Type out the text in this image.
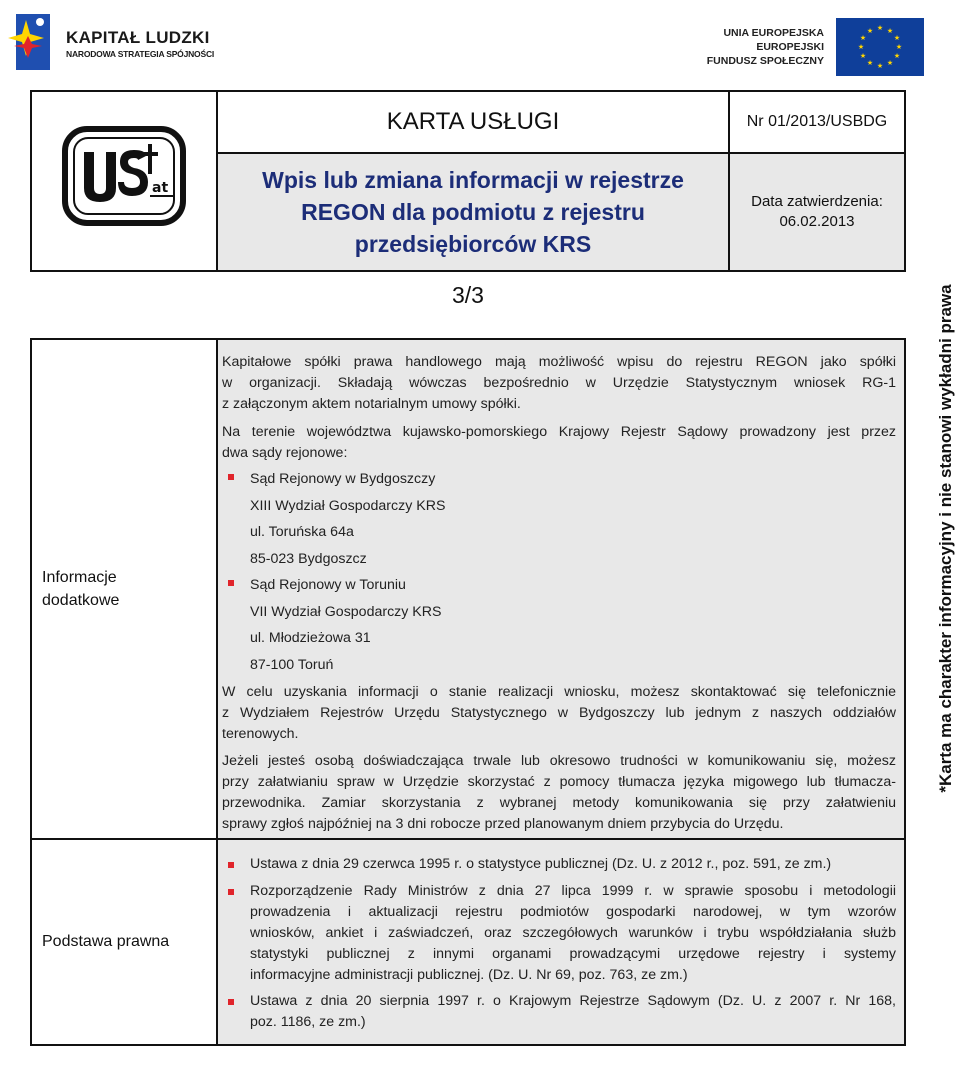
KAPITAŁ LUDZKI
NARODOWA STRATEGIA SPÓJNOŚCI
UNIA EUROPEJSKA
EUROPEJSKI
FUNDUSZ SPOŁECZNY
★ ★
★
★
★
★
★
★
★
★
★
★
at
KARTA USŁUGI	Nr 01/2013/USBDG
Wpis lub zmiana informacji w rejestrze
REGON dla podmiotu z rejestru
przedsiębiorców KRS
Data zatwierdzenia:
06.02.2013
3/3
Informacje
dodatkowe
Podstawa prawna
Kapitałowe spółki prawa handlowego mają możliwość wpisu do rejestru REGON jako spółki
w organizacji. Składają wówczas bezpośrednio w Urzędzie Statystycznym wniosek RG-1
z załączonym aktem notarialnym umowy spółki.
Na terenie województwa kujawsko-pomorskiego Krajowy Rejestr Sądowy prowadzony jest przez
dwa sądy rejonowe:
Sąd Rejonowy w Bydgoszczy
XIII Wydział Gospodarczy KRS
ul. Toruńska 64a
85-023 Bydgoszcz
Sąd Rejonowy w Toruniu
VII Wydział Gospodarczy KRS
ul. Młodzieżowa 31
87-100 Toruń
W celu uzyskania informacji o stanie realizacji wniosku, możesz skontaktować się telefonicznie
z Wydziałem Rejestrów Urzędu Statystycznego w Bydgoszczy lub jednym z naszych oddziałów
terenowych.
Jeżeli jesteś osobą doświadczająca trwale lub okresowo trudności w komunikowaniu się, możesz
przy załatwianiu spraw w Urzędzie skorzystać z pomocy tłumacza języka migowego lub tłumacza-
przewodnika. Zamiar skorzystania z wybranej metody komunikowania się przy załatwieniu
sprawy zgłoś najpóźniej na 3 dni robocze przed planowanym dniem przybycia do Urzędu.
Ustawa z dnia 29 czerwca 1995 r. o statystyce publicznej (Dz. U. z 2012 r., poz. 591, ze zm.)
Rozporządzenie Rady Ministrów z dnia 27 lipca 1999 r. w sprawie sposobu i metodologii
prowadzenia i aktualizacji rejestru podmiotów gospodarki narodowej, w tym wzorów
wniosków, ankiet i zaświadczeń, oraz szczegółowych warunków i trybu współdziałania służb
statystyki publicznej z innymi organami prowadzącymi urzędowe rejestry i systemy
informacyjne administracji publicznej. (Dz. U. Nr 69, poz. 763, ze zm.)
Ustawa z dnia 20 sierpnia 1997 r. o Krajowym Rejestrze Sądowym (Dz. U. z 2007 r. Nr 168,
poz. 1186, ze zm.)
*Karta ma charakter informacyjny i nie stanowi wykładni prawa
